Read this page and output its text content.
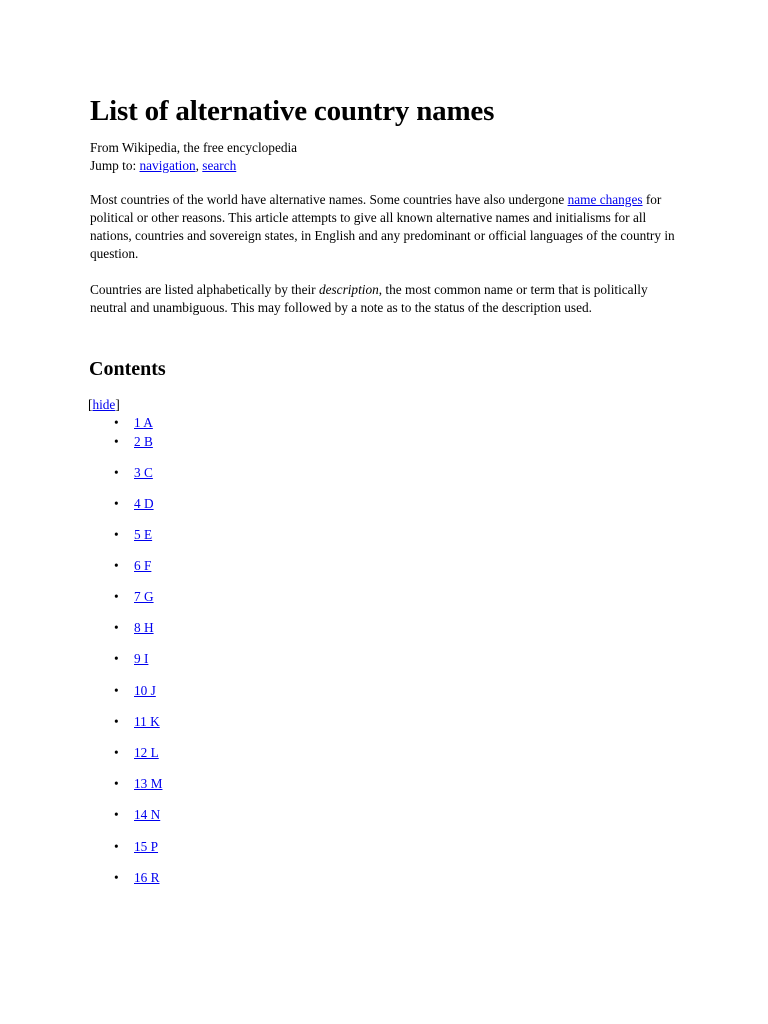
List of alternative country names
From Wikipedia, the free encyclopedia
Jump to: navigation, search

Most countries of the world have alternative names. Some countries have also undergone name changes for political or other reasons. This article attempts to give all known alternative names and initialisms for all nations, countries and sovereign states, in English and any predominant or official languages of the country in question.

Countries are listed alphabetically by their description, the most common name or term that is politically neutral and unambiguous. This may followed by a note as to the status of the description used.

Contents
[hide]
• 1 A
• 2 B
• 3 C
• 4 D
• 5 E
• 6 F
• 7 G
• 8 H
• 9 I
• 10 J
• 11 K
• 12 L
• 13 M
• 14 N
• 15 P
• 16 R
